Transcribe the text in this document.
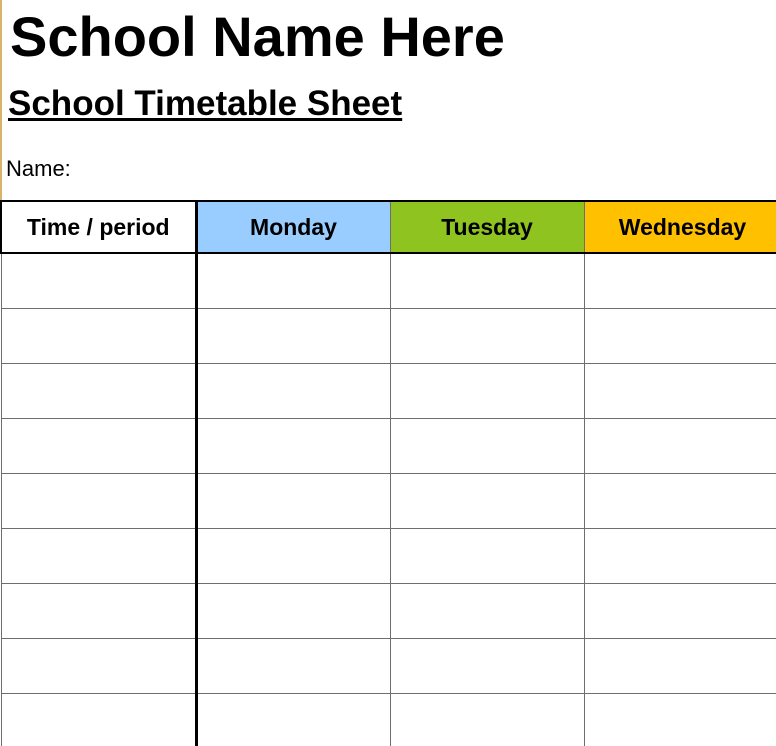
School Name Here
School Timetable Sheet
Name:
Time / period	Monday	Tuesday	Wednesday
